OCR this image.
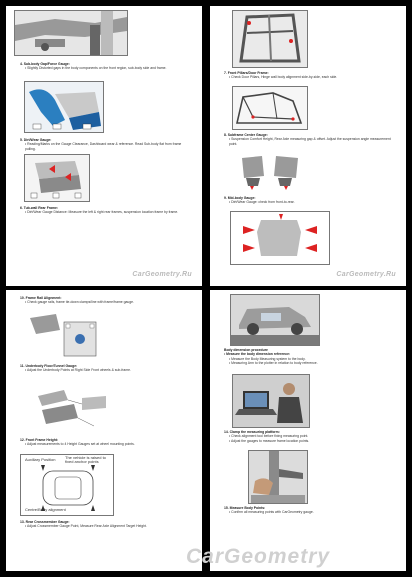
4. Sub-body Gap/Force Gauge:
• Slightly Distorted gaps in the body components on the front region, sub-body side and frame.
5. Dirt/Wear Gauge:
• Reading/Marks on the Gauge Clearance, Dashboard wear & reference. Read Sub-body flat from frame pulling.
6. Tub-wall Rear Frame:
• Dirt/Wear Gauge Distance: Measure the left & right rear frames, suspension location frame by frame.
CarGeometry.Ru
7. Front Pillars/Door Frame:
• Check Door Pillars, Hinge wall body alignment side-by-side, each side.
8. Subframe Center Gauge:
• Suspension Comfort Height, Rear Axle measuring gap & offset. Adjust the suspension angle measurement point.
9. Mid-body Gauge:
• Dirt/Wear Gauge: check from front-to-rear.
CarGeometry.Ru
10. Frame Rail Alignment:
• Check gauge rails, frame tie-down clamps/line with frame/frame gauge.
11. Underbody Floor/Tunnel Gauge:
• Adjust the Underbody Points at Right Side Front wheels & sub-frame.
12. Front Frame Height:
• Adjust measurements to 4 Height Gauges set at wheel mounting points.
Auxiliary Position The vehicle is raised to fixed anchor points
Centre/Body alignment
13. Rear Crossmember Gauge:
• Adjust Crossmember Gauge Point, Measure Rear Axle Alignment Target Height.
Body dimension procedure
• Measure the body dimension reference:
• Measure the Body Measuring system to the body.
• Measuring Arm to the plotter in relation to body reference.
14. Clamp the measuring platform:
• Check alignment tool before fixing measuring point.
• Adjust the gauges to measure frame location points.
15. Measure Body Points:
• Confirm all measuring points with CarGeometry gauge.
CarGeometry
